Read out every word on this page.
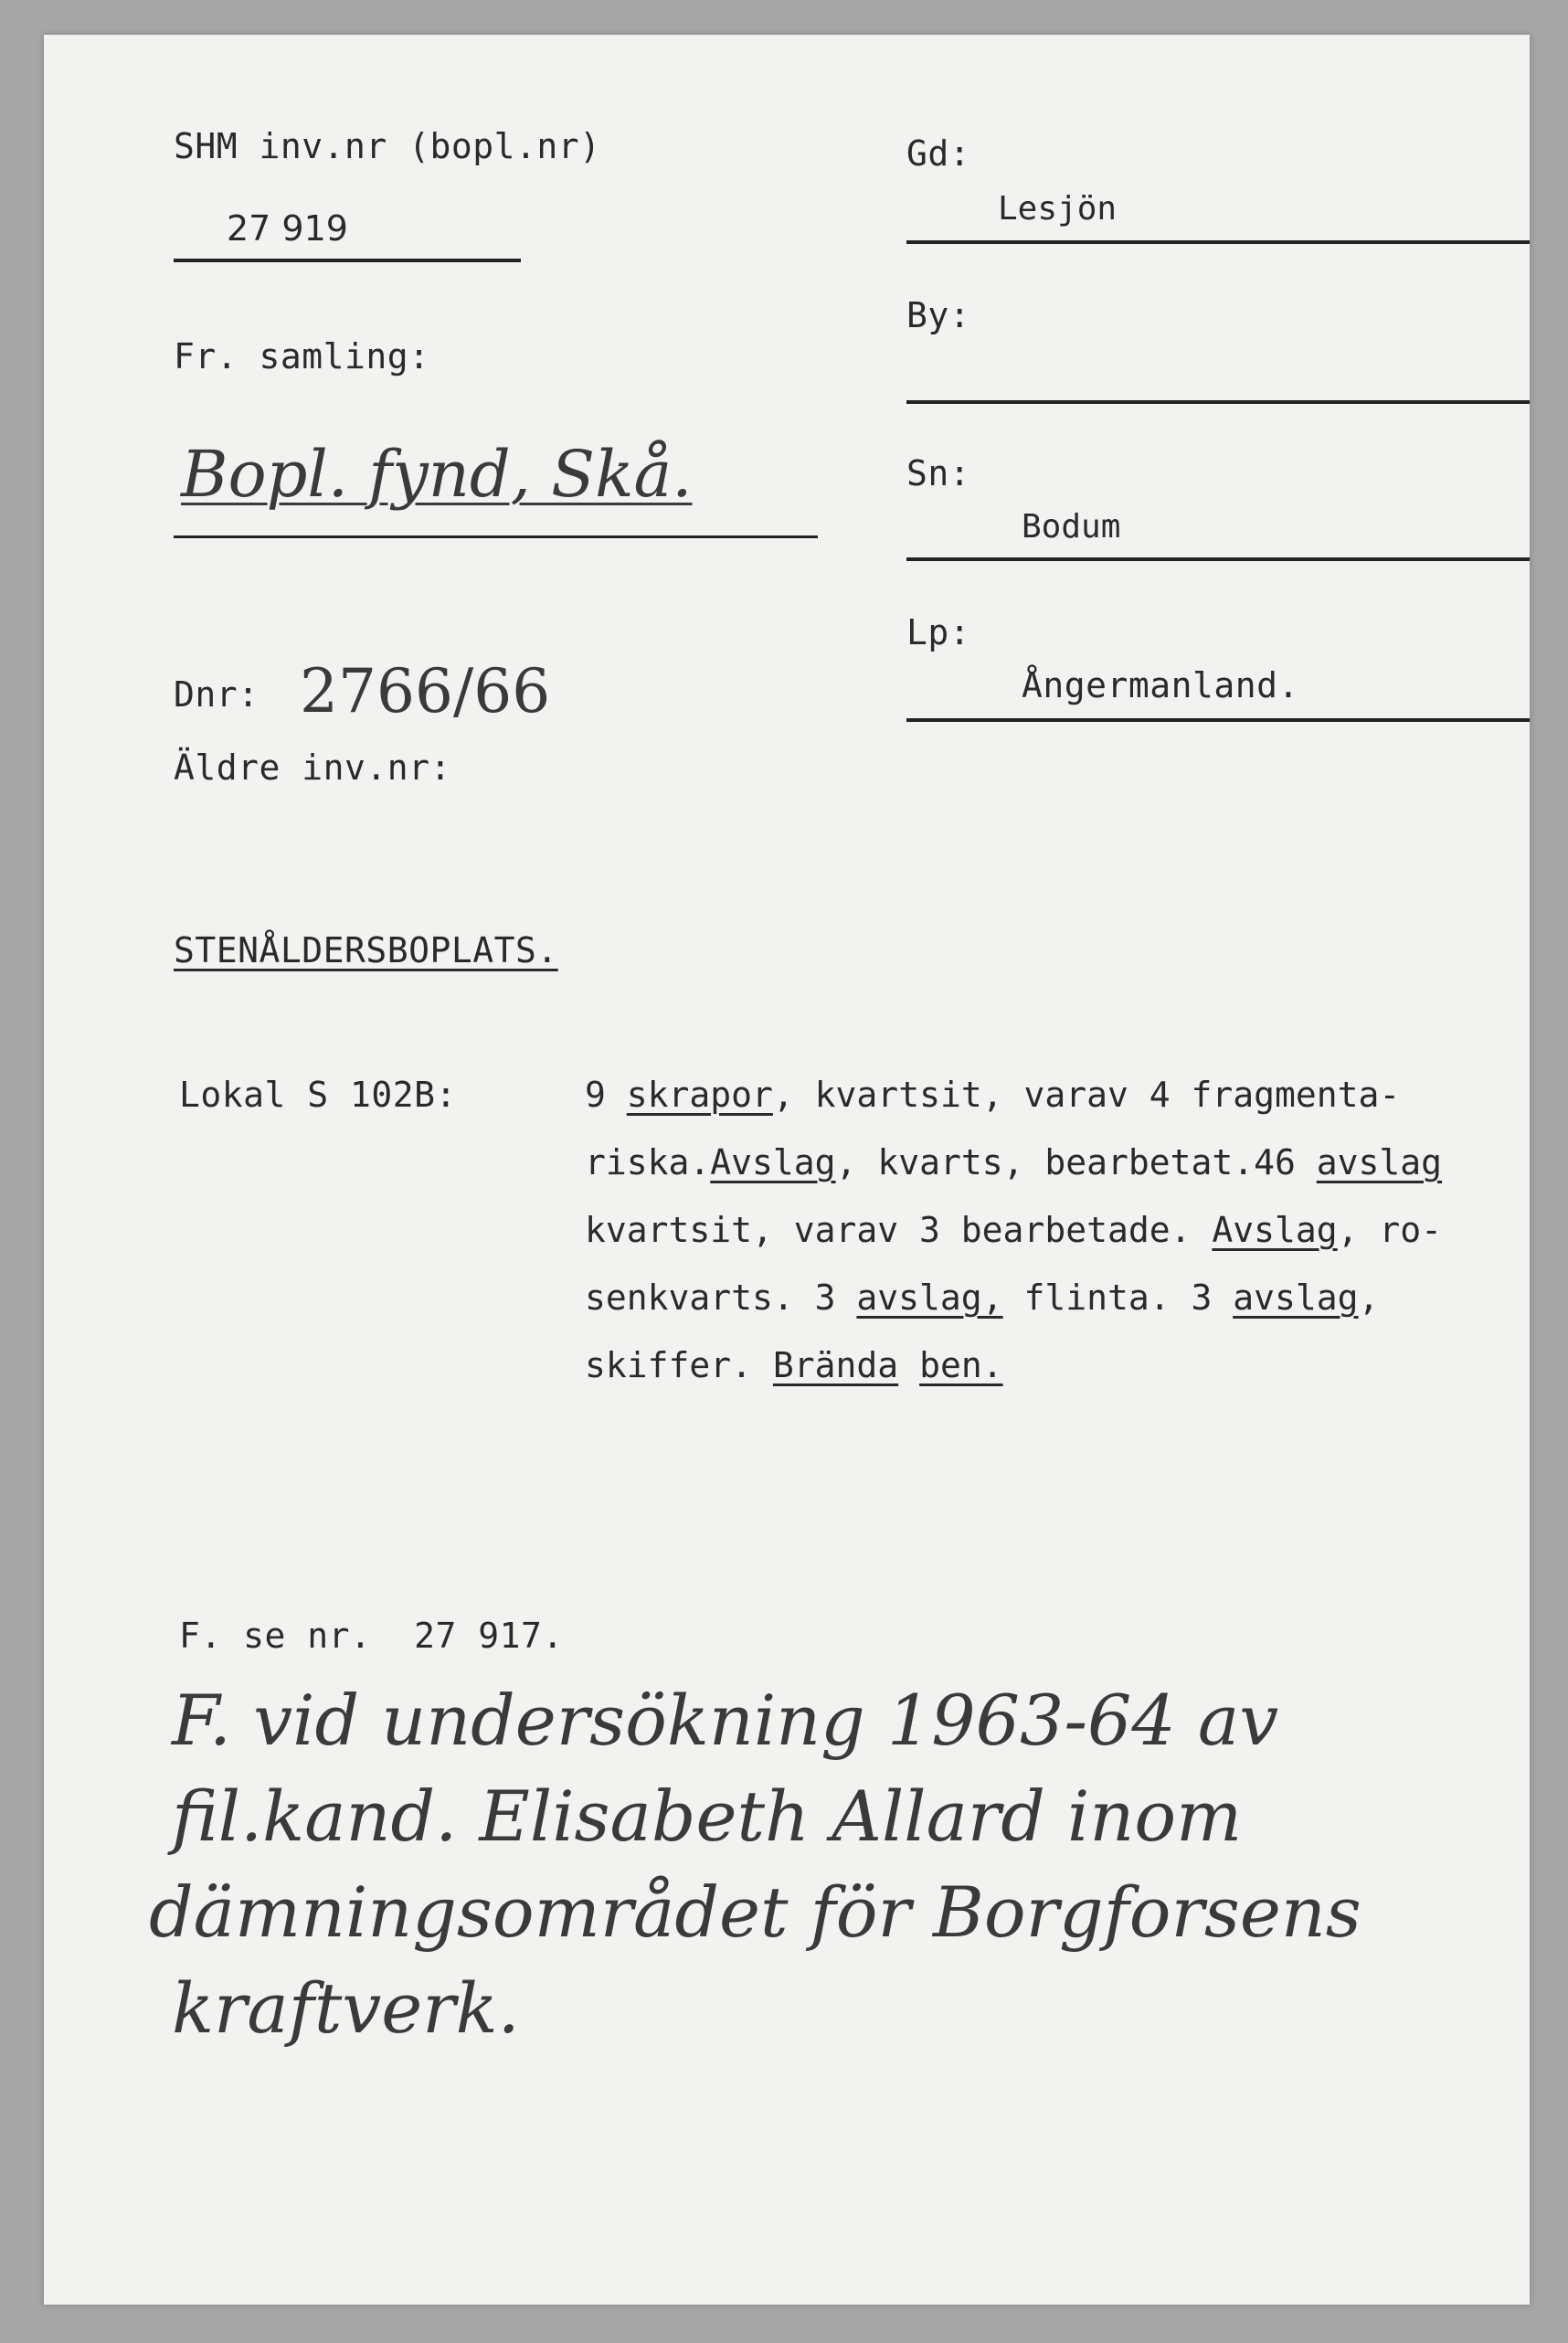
SHM inv.nr (bopl.nr)
27 919
Fr. samling:
Bopl. fynd, Skå.
Dnr: 2766/66
Äldre inv.nr:
Gd:
Lesjön
By:
Sn:
Bodum
Lp:
Ångermanland.
STENÅLDERSBOPLATS.
Lokal S 102B:	9 skrapor, kvartsit, varav 4 fragmenta-
riska.Avslag, kvarts, bearbetat.46 avslag
kvartsit, varav 3 bearbetade. Avslag, ro-
senkvarts. 3 avslag, flinta. 3 avslag,
skiffer. Brända ben.
F. se nr.  27 917.
F. vid undersökning 1963-64 av
fil.kand. Elisabeth Allard inom
dämningsområdet för Borgforsens
kraftverk.
